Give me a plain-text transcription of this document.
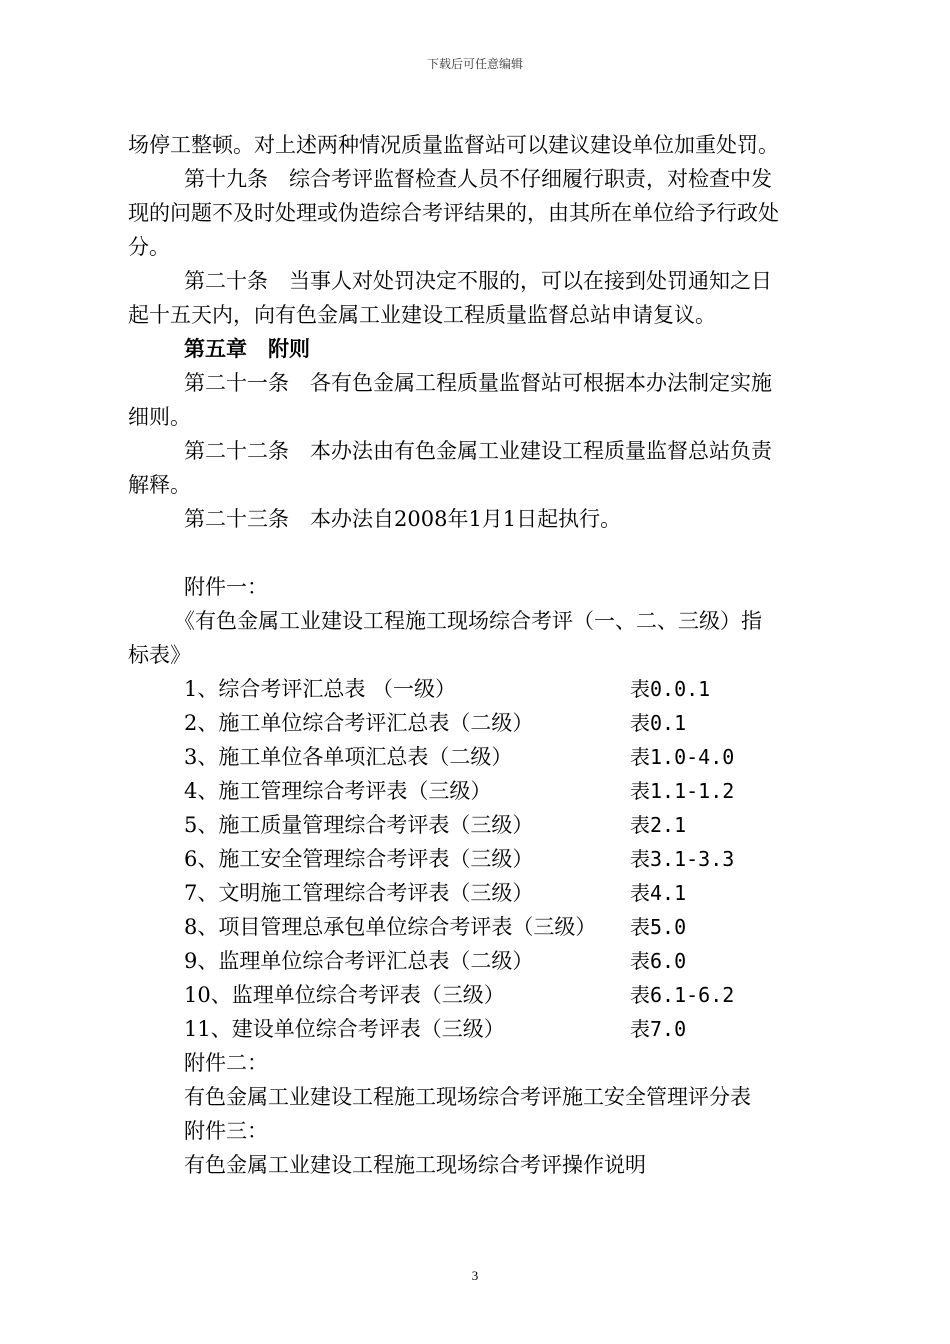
下载后可任意编辑
场停工整顿。对上述两种情况质量监督站可以建议建设单位加重处罚。
第十九条　综合考评监督检查人员不仔细履行职责，对检查中发
现的问题不及时处理或伪造综合考评结果的，由其所在单位给予行政处
分。
第二十条　当事人对处罚决定不服的，可以在接到处罚通知之日
起十五天内，向有色金属工业建设工程质量监督总站申请复议。
第五章　附则
第二十一条　各有色金属工程质量监督站可根据本办法制定实施
细则。
第二十二条　本办法由有色金属工业建设工程质量监督总站负责
解释。
第二十三条　本办法自2008年1月1日起执行。
附件一：
《有色金属工业建设工程施工现场综合考评（一、二、三级）指
标表》
1、综合考评汇总表 （一级）	表0.0.1
2、施工单位综合考评汇总表（二级）	表0.1
3、施工单位各单项汇总表（二级）	表1.0-4.0
4、施工管理综合考评表（三级）	表1.1-1.2
5、施工质量管理综合考评表（三级）	表2.1
6、施工安全管理综合考评表（三级）	表3.1-3.3
7、文明施工管理综合考评表（三级）	表4.1
8、项目管理总承包单位综合考评表（三级） 表5.0
9、监理单位综合考评汇总表（二级）	表6.0
10、监理单位综合考评表（三级）	表6.1-6.2
11、建设单位综合考评表（三级）	表7.0
附件二：
有色金属工业建设工程施工现场综合考评施工安全管理评分表
附件三：
有色金属工业建设工程施工现场综合考评操作说明
3
